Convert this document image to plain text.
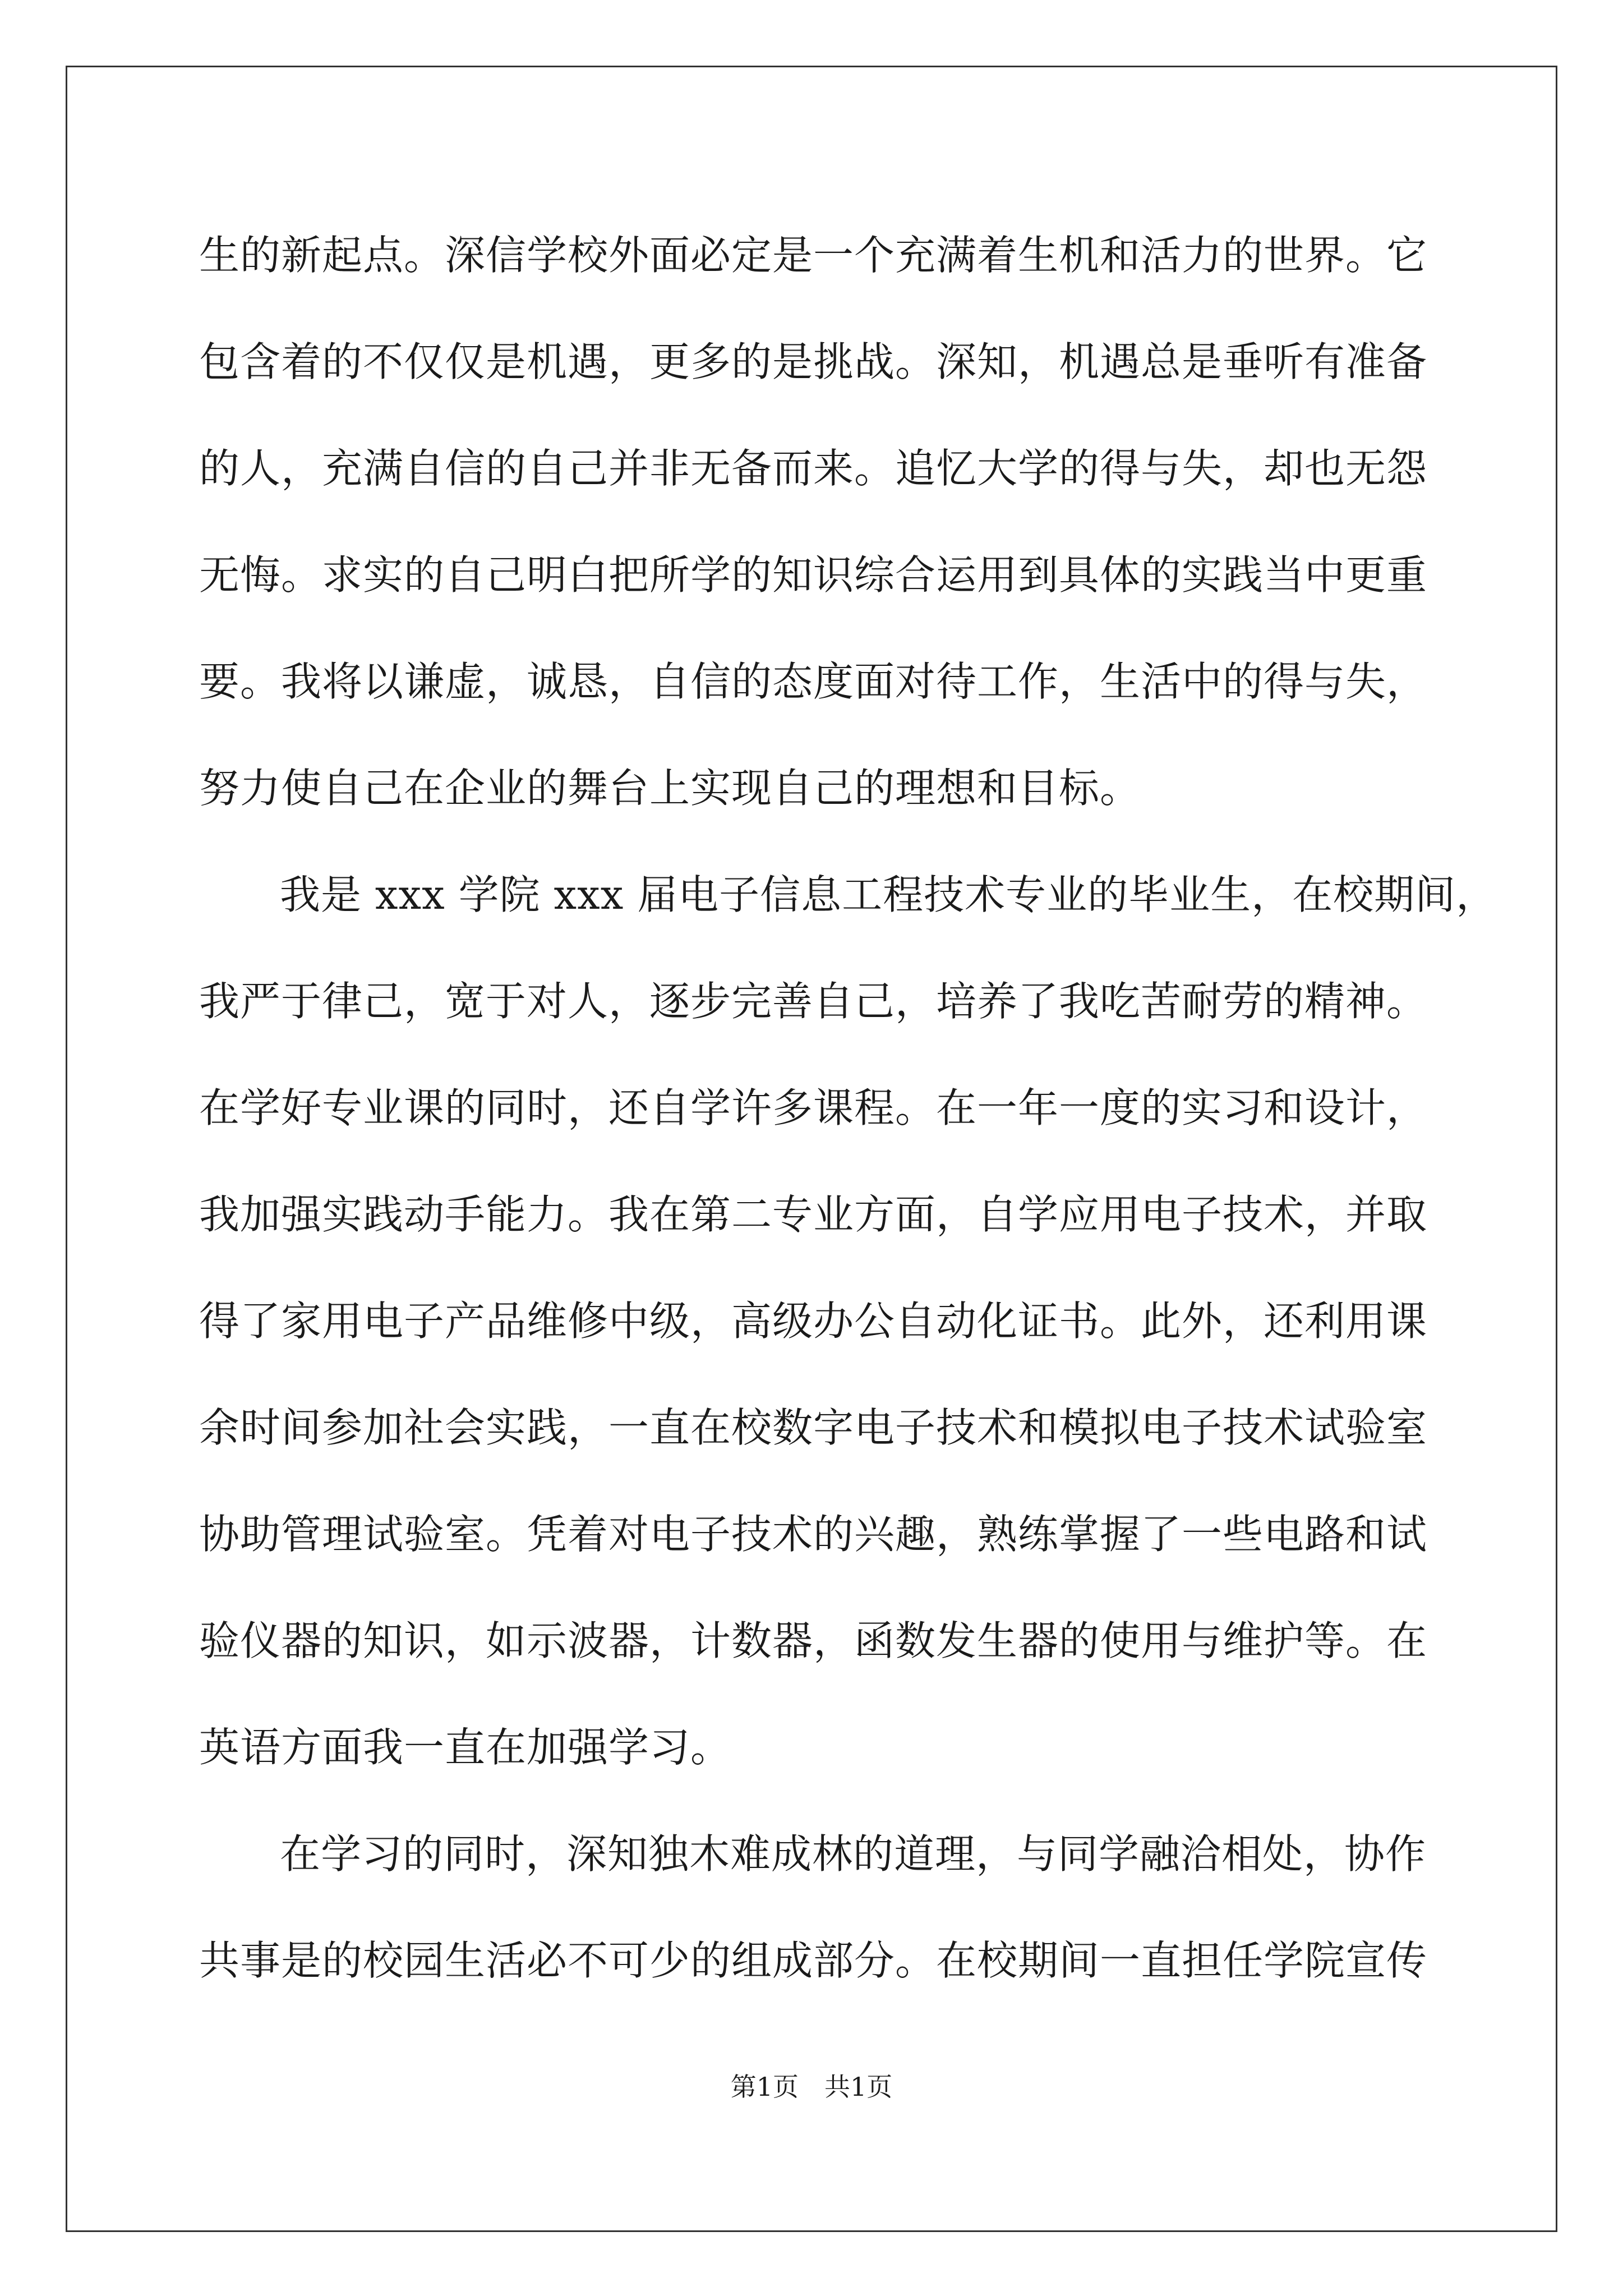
生的新起点。深信学校外面必定是一个充满着生机和活力的世界。它
包含着的不仅仅是机遇，更多的是挑战。深知，机遇总是垂听有准备
的人，充满自信的自己并非无备而来。追忆大学的得与失，却也无怨
无悔。求实的自己明白把所学的知识综合运用到具体的实践当中更重
要。我将以谦虚，诚恳，自信的态度面对待工作，生活中的得与失，
努力使自己在企业的舞台上实现自己的理想和目标。
我是 xxx 学院 xxx 届电子信息工程技术专业的毕业生，在校期间，
我严于律己，宽于对人，逐步完善自己，培养了我吃苦耐劳的精神。
在学好专业课的同时，还自学许多课程。在一年一度的实习和设计，
我加强实践动手能力。我在第二专业方面，自学应用电子技术，并取
得了家用电子产品维修中级，高级办公自动化证书。此外，还利用课
余时间参加社会实践，一直在校数字电子技术和模拟电子技术试验室
协助管理试验室。凭着对电子技术的兴趣，熟练掌握了一些电路和试
验仪器的知识，如示波器，计数器，函数发生器的使用与维护等。在
英语方面我一直在加强学习。
在学习的同时，深知独木难成林的道理，与同学融洽相处，协作
共事是的校园生活必不可少的组成部分。在校期间一直担任学院宣传
第1页　共1页
